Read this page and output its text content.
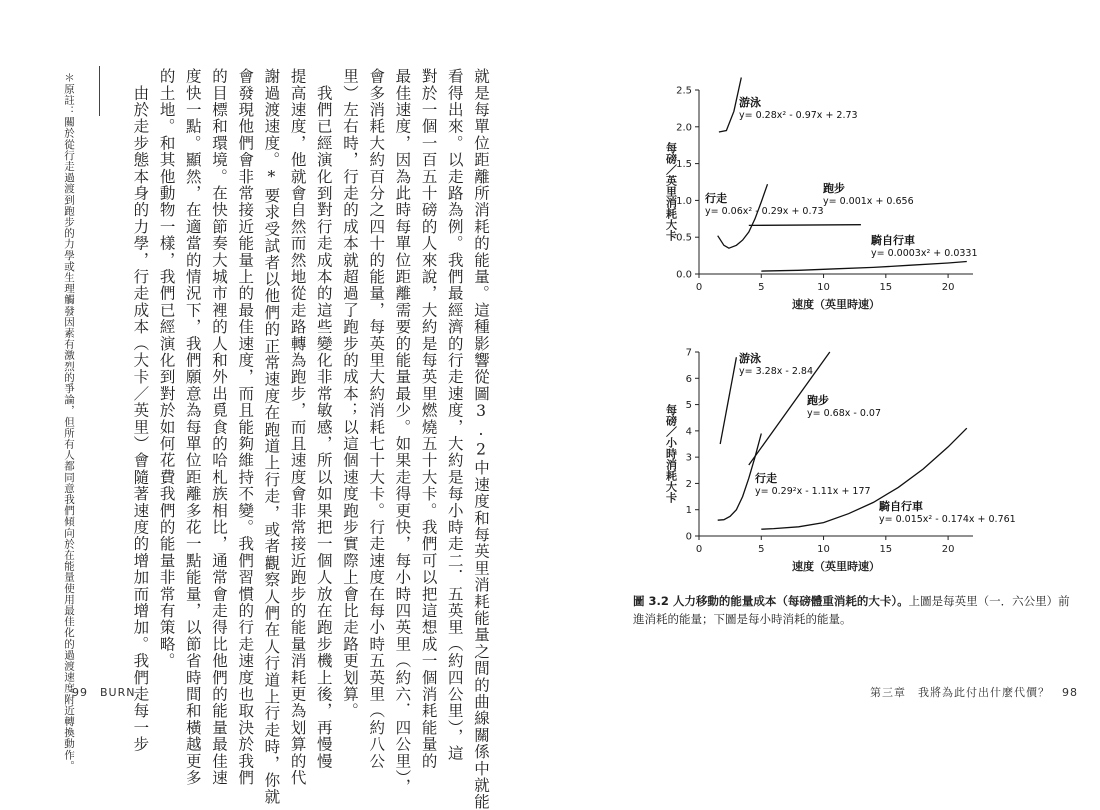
就是每單位距離所消耗的能量。這種影響從圖3.2中速度和每英里消耗能量之間的曲線關係中就能
看得出來。以走路為例。我們最經濟的行走速度，大約是每小時走二．五英里（約四公里），這
對於一個一百五十磅的人來說，大約是每英里燃燒五十大卡。我們可以把這想成一個消耗能量的
最佳速度，因為此時每單位距離需要的能量最少。如果走得更快，每小時四英里（約六．四公里），
會多消耗大約百分之四十的能量，每英里大約消耗七十大卡。行走速度在每小時五英里（約八公
里）左右時，行走的成本就超過了跑步的成本；以這個速度跑步實際上會比走路更划算。
　我們已經演化到對行走成本的這些變化非常敏感，所以如果把一個人放在跑步機上後，再慢慢
提高速度，他就會自然而然地從走路轉為跑步，而且速度會非常接近跑步的能量消耗更為划算的代
謝過渡速度。*要求受試者以他們的正常速度在跑道上行走，或者觀察人們在人行道上行走時，你就
會發現他們會非常接近能量上的最佳速度，而且能夠維持不變。我們習慣的行走速度也取決於我們
的目標和環境。在快節奏大城市裡的人和外出覓食的哈札族相比，通常會走得比他們的能量最佳速
度快一點。顯然，在適當的情況下，我們願意為每單位距離多花一點能量，以節省時間和橫越更多
的土地。和其他動物一樣，我們已經演化到對於如何花費我們的能量非常有策略。
　由於走步態本身的力學，行走成本（大卡／英里）會隨著速度的增加而增加。我們走每一步
＊原註：關於從行走過渡到跑步的力學或生理觸發因素有激烈的爭論，但所有人都同意我們傾向於在能量使用最佳化的過渡速度附近轉換動作。
99　BURN
0	5	10	15	20
0.0
0.5
1.0
1.5
2.0
2.5
速度（英里時速）
每磅／英里消耗大卡
游泳
y= 0.28x² - 0.97x + 2.73
行走
y= 0.06x² - 0.29x + 0.73
跑步
y= 0.001x + 0.656
騎自行車
y= 0.0003x² + 0.0331
0	5	10	15	20
0
1
2
3
4
5
6
7
速度（英里時速）
每磅／小時消耗大卡
游泳
y= 3.28x - 2.84
跑步
y= 0.68x - 0.07
行走
y= 0.29²x - 1.11x + 177
騎自行車
y= 0.015x² - 0.174x + 0.761
圖 3.2 人力移動的能量成本（每磅體重消耗的大卡）。上圖是每英里（一．六公里）前進消耗的能量；下圖是每小時消耗的能量。
第三章　我將為此付出什麼代價？　98
